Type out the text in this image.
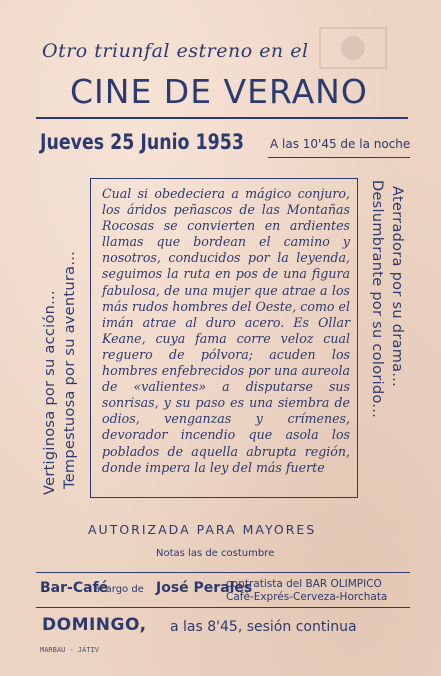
Otro triunfal estreno en el
CINE DE VERANO
Jueves 25 Junio 1953 A las 10'45 de la noche
Cual si obedeciera a mágico conjuro, los áridos peñascos de las Montañas Rocosas se convierten en ardientes llamas que bordean el camino y nosotros, conducidos por la leyenda, seguimos la ruta en pos de una figura fabulosa, de una mujer que atrae a los más rudos hombres del Oeste, como el imán atrae al duro acero. Es Ollar Keane, cuya fama corre veloz cual reguero de pólvora; acuden los hombres enfebrecidos por una aureola de «valientes» a disputarse sus sonrisas, y su paso es una siembra de odios, venganzas y crímenes, devorador incendio que asola los poblados de aquella abrupta región, donde impera la ley del más fuerte
Vertiginosa por su acción... Tempestuosa por su aventura...	Aterradora por su drama...
Deslumbrante por su colorido...
AUTORIZADA PARA MAYORES
Notas las de costumbre
Bar-Café
acargo de José Perales
contratista del BAR OLIMPICO
Café-Exprés-Cerveza-Horchata
DOMINGO, a las 8'45, sesión continua
MARBAU - JÁTIV
